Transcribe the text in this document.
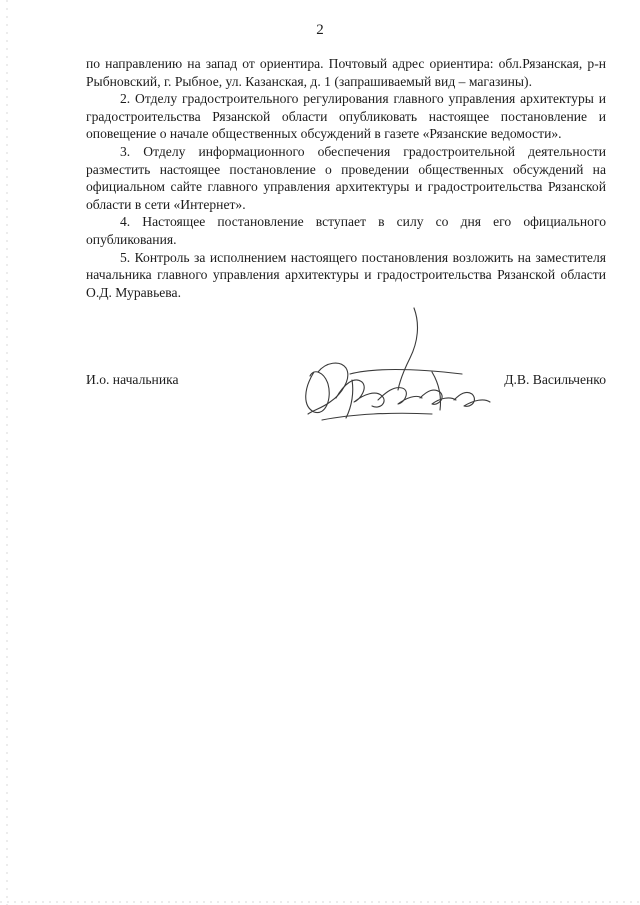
2

по направлению на запад от ориентира. Почтовый адрес ориентира: обл.Рязанская, р-н Рыбновский, г. Рыбное, ул. Казанская, д. 1 (запрашиваемый вид – магазины).

2. Отделу градостроительного регулирования главного управления архитектуры и градостроительства Рязанской области опубликовать настоящее постановление и оповещение о начале общественных обсуждений в газете «Рязанские ведомости».

3. Отделу информационного обеспечения градостроительной деятельности разместить настоящее постановление о проведении общественных обсуждений на официальном сайте главного управления архитектуры и градостроительства Рязанской области в сети «Интернет».

4. Настоящее постановление вступает в силу со дня его официального опубликования.

5. Контроль за исполнением настоящего постановления возложить на заместителя начальника главного управления архитектуры и градостроительства Рязанской области О.Д. Муравьева.

И.о. начальника	Д.В. Васильченко
